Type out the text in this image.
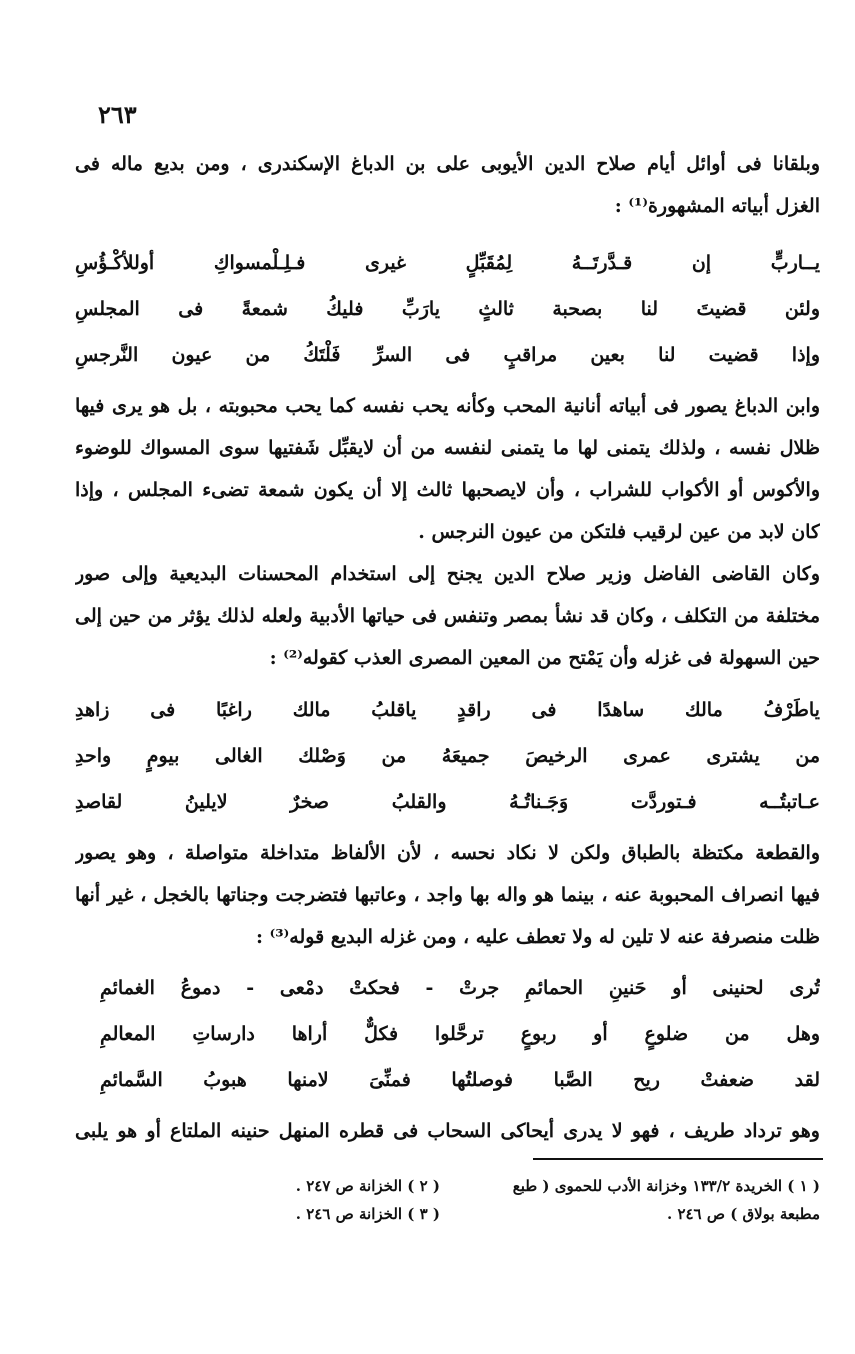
٢٦٣
وبلقانا فى أوائل أيام صلاح الدين الأيوبى على بن الدباغ الإسكندرى ، ومن بديع ماله فى
الغزل أبياته المشهورة⁽¹⁾ :
يــاربٍّ إن قـدَّرتَــهُ لِمُقَبِّلٍ غيرى فـلِـلْمسواكِ أوللأكْـؤُسِ
ولئن قضيتَ لنا بصحبة ثالثٍ يارَبِّ فليكُ شمعةً فى المجلسِ
وإذا قضيت لنا بعين مراقبٍ فى السرِّ فَلْتَكُ من عيون النَّرجسِ
وابن الدباغ يصور فى أبياته أنانية المحب وكأنه يحب نفسه كما يحب محبوبته ، بل هو يرى فيها
ظلال نفسه ، ولذلك يتمنى لها ما يتمنى لنفسه من أن لايقبِّل شَفتيها سوى المسواك للوضوء
والأكوس أو الأكواب للشراب ، وأن لايصحبها ثالث إلا أن يكون شمعة تضىء المجلس ، وإذا
كان لابد من عين لرقيب فلتكن من عيون النرجس .
وكان القاضى الفاضل وزير صلاح الدين يجنح إلى استخدام المحسنات البديعية وإلى صور
مختلفة من التكلف ، وكان قد نشأ بمصر وتنفس فى حياتها الأدبية ولعله لذلك يؤثر من حين إلى
حين السهولة فى غزله وأن يَمْتح من المعين المصرى العذب كقوله⁽²⁾ :
ياطَرْفُ مالك ساهدًا فى راقدٍ ياقلبُ مالك راغبًا فى زاهدِ
من يشترى عمرى الرخيصَ جميعَهُ من وَصْلك الغالى بيومٍ واحدِ
عـاتبتُــه فـتوردَّت وَجَـناتُـهُ والقلبُ صخرٌ لايلينُ لقاصدِ
والقطعة مكتظة بالطباق ولكن لا نكاد نحسه ، لأن الألفاظ متداخلة متواصلة ، وهو يصور
فيها انصراف المحبوبة عنه ، بينما هو واله بها واجد ، وعاتبها فتضرجت وجناتها بالخجل ، غير أنها
ظلت منصرفة عنه لا تلين له ولا تعطف عليه ، ومن غزله البديع قوله⁽³⁾ :
تُرى لحنينى أو حَنينِ الحمائمِ جرتْ - فحكتْ دمْعى - دموعُ الغمائمِ
وهل من ضلوعٍ أو ربوعٍ ترحَّلوا فكلٌّ أراها دارساتِ المعالمِ
لقد ضعفتْ ريح الصَّبا فوصلتُها فمنِّىَ لامنها هبوبُ السَّمائمِ
وهو ترداد طريف ، فهو لا يدرى أيحاكى السحاب فى قطره المنهل حنينه الملتاع أو هو يلبى
( ١ ) الخريدة ١٣٣/٢ وخزانة الأدب للحموى ( طبع
مطبعة بولاق ) ص ٢٤٦ .
( ٢ ) الخزانة ص ٢٤٧ .
( ٣ ) الخزانة ص ٢٤٦ .
